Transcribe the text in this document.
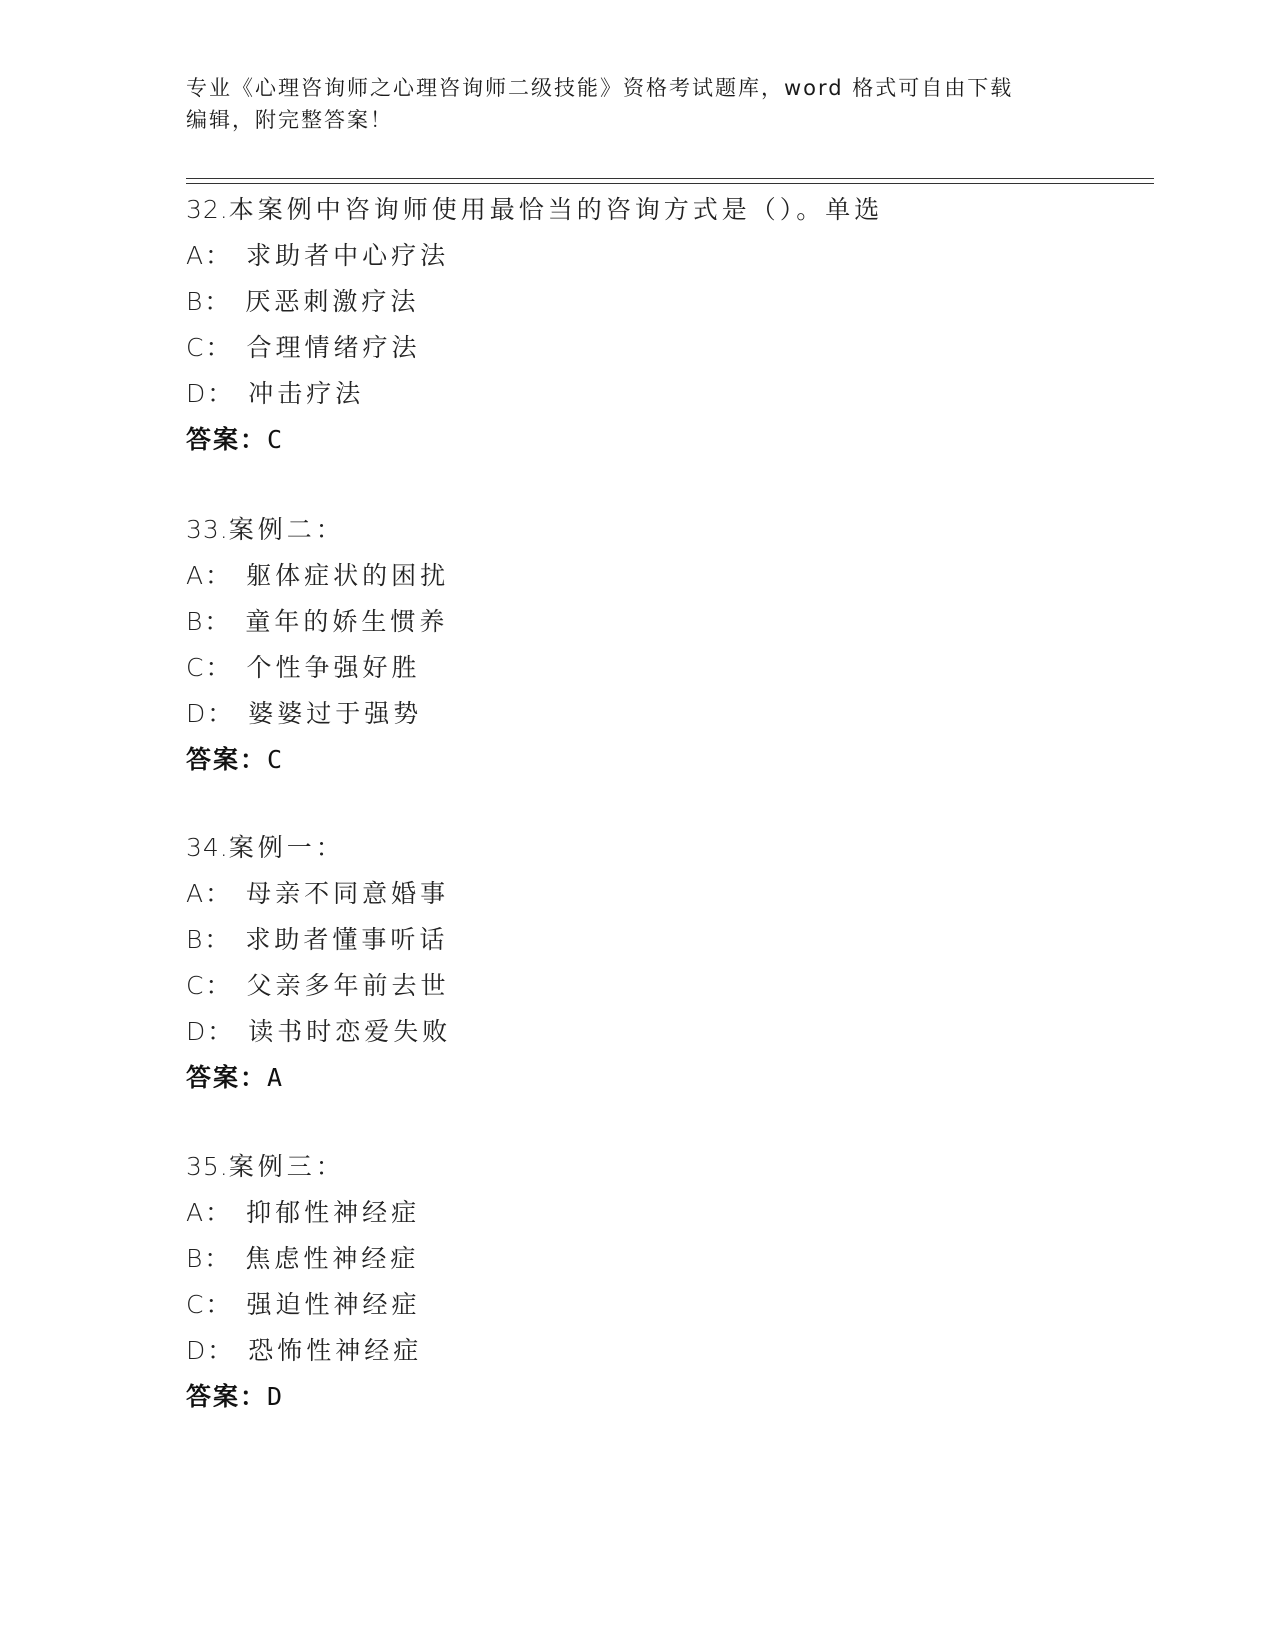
专业《心理咨询师之心理咨询师二级技能》资格考试题库，word 格式可自由下载
编辑，附完整答案！
32.本案例中咨询师使用最恰当的咨询方式是（）。单选
A： 求助者中心疗法
B： 厌恶刺激疗法
C： 合理情绪疗法
D： 冲击疗法
答案：C
33.案例二：
A： 躯体症状的困扰
B： 童年的娇生惯养
C： 个性争强好胜
D： 婆婆过于强势
答案：C
34.案例一：
A： 母亲不同意婚事
B： 求助者懂事听话
C： 父亲多年前去世
D： 读书时恋爱失败
答案：A
35.案例三：
A： 抑郁性神经症
B： 焦虑性神经症
C： 强迫性神经症
D： 恐怖性神经症
答案：D
